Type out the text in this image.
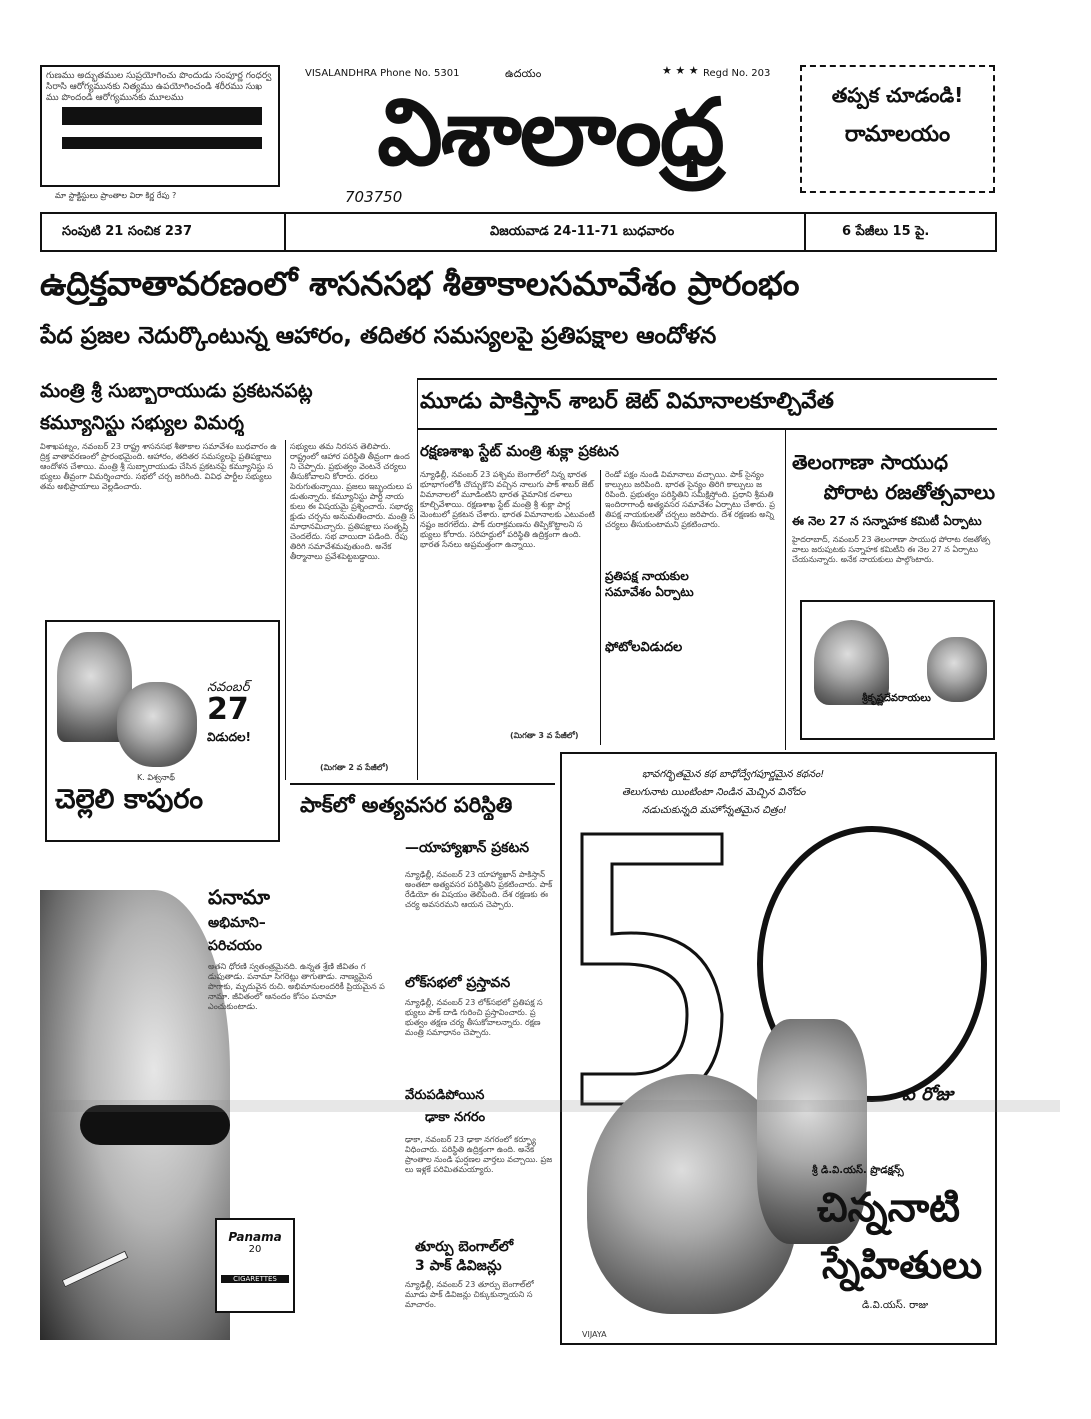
గుణము అద్భుతముల సుప్రయోగించు పొందుడు సంపూర్ణ గంధర్వ సిరాసి ఆరోగ్యమునకు నిత్యము ఉపయోగించండి శరీరము సుఖము పొందండి ఆరోగ్యమునకు మూలము
మా స్టాక్టిస్టులు ప్రాంతాల విరా కిర్ణ రేపు ?
VISALANDHRA Phone No. 5301	ఉదయం	★ ★ ★ Regd No. 203
విశాలాంధ్ర
703750
తప్పక చూడండి!
రామాలయం
సంపుటి 21 సంచిక 237	విజయవాడ 24-11-71 బుధవారం	6 పేజీలు 15 పై.
ఉద్రిక్తవాతావరణంలో శాసనసభ శీతాకాలసమావేశం ప్రారంభం
పేద ప్రజల నెదుర్కొంటున్న ఆహారం, తదితర సమస్యలపై ప్రతిపక్షాల ఆందోళన
మంత్రి శ్రీ సుబ్బారాయుడు ప్రకటనపట్ల
కమ్యూనిస్టు సభ్యుల విమర్శ
విశాఖపట్నం, నవంబర్ 23 రాష్ట్ర శాసనసభ శీతాకాల సమావేశం బుధవారం ఉద్రిక్త వాతావరణంలో ప్రారంభమైంది. ఆహారం, తదితర సమస్యలపై ప్రతిపక్షాలు ఆందోళన చేశాయి. మంత్రి శ్రీ సుబ్బారాయుడు చేసిన ప్రకటనపై కమ్యూనిస్టు సభ్యులు తీవ్రంగా విమర్శించారు. సభలో చర్చ జరిగింది. వివిధ పార్టీల సభ్యులు తమ అభిప్రాయాలు వెల్లడించారు.
సభ్యులు తమ నిరసన తెలిపారు. రాష్ట్రంలో ఆహార పరిస్థితి తీవ్రంగా ఉందని చెప్పారు. ప్రభుత్వం వెంటనే చర్యలు తీసుకోవాలని కోరారు. ధరలు పెరుగుతున్నాయి. ప్రజలు ఇబ్బందులు పడుతున్నారు. కమ్యూనిస్టు పార్టీ నాయకులు ఈ విషయమై ప్రశ్నించారు. సభాధ్యక్షుడు చర్చను అనుమతించారు. మంత్రి సమాధానమిచ్చారు. ప్రతిపక్షాలు సంతృప్తి చెందలేదు. సభ వాయిదా పడింది. రేపు తిరిగి సమావేశమవుతుంది. అనేక తీర్మానాలు ప్రవేశపెట్టబడ్డాయి.
(మిగతా 2 వ పేజీలో)
నవంబర్
27
విడుదల!
చెల్లెలి కాపురం
K. విశ్వనాథ్
మూడు పాకిస్తాన్ శాబర్ జెట్ విమానాలకూల్చివేత
రక్షణశాఖ స్టేట్ మంత్రి శుక్లా ప్రకటన
న్యూఢిల్లీ, నవంబర్ 23 పశ్చిమ బెంగాల్‌లో నిన్న భారత భూభాగంలోకి చొచ్చుకొని వచ్చిన నాలుగు పాక్ శాబర్ జెట్ విమానాలలో మూడింటిని భారత వైమానిక దళాలు కూల్చివేశాయి. రక్షణశాఖ స్టేట్ మంత్రి శ్రీ శుక్లా పార్లమెంటులో ప్రకటన చేశారు. భారత విమానాలకు ఎటువంటి నష్టం జరగలేదు. పాక్ దురాక్రమణను తిప్పికొట్టాలని సభ్యులు కోరారు. సరిహద్దులో పరిస్థితి ఉద్రిక్తంగా ఉంది. భారత సేనలు అప్రమత్తంగా ఉన్నాయి.
రెండో పక్షం నుండి విమానాలు వచ్చాయి. పాక్ సైన్యం కాల్పులు జరిపింది. భారత సైన్యం తిరిగి కాల్పులు జరిపింది. ప్రభుత్వం పరిస్థితిని సమీక్షిస్తోంది. ప్రధాని శ్రీమతి ఇందిరాగాంధీ అత్యవసర సమావేశం ఏర్పాటు చేశారు. ప్రతిపక్ష నాయకులతో చర్చలు జరిపారు. దేశ రక్షణకు అన్ని చర్యలు తీసుకుంటామని ప్రకటించారు.
(మిగతా 3 వ పేజీలో)
ప్రతిపక్ష నాయకుల
సమావేశం ఏర్పాటు
ఫోటోలవిడుదల
తెలంగాణా సాయుధ
పోరాట రజతోత్సవాలు
ఈ నెల 27 న సన్నాహక కమిటీ ఏర్పాటు
హైదరాబాద్, నవంబర్ 23 తెలంగాణా సాయుధ పోరాట రజతోత్సవాలు జరుపుటకు సన్నాహక కమిటీని ఈ నెల 27 న ఏర్పాటు చేయనున్నారు. అనేక నాయకులు పాల్గొంటారు.
శ్రీకృష్ణదేవరాయలు
పాక్‌లో అత్యవసర పరిస్థితి
—యాహ్యాఖాన్ ప్రకటన
న్యూఢిల్లీ, నవంబర్ 23 యాహ్యాఖాన్ పాకిస్తాన్ అంతటా అత్యవసర పరిస్థితిని ప్రకటించారు. పాక్ రేడియో ఈ విషయం తెలిపింది. దేశ రక్షణకు ఈ చర్య అవసరమని ఆయన చెప్పారు.
లోక్‌సభలో ప్రస్తావన
న్యూఢిల్లీ, నవంబర్ 23 లోక్‌సభలో ప్రతిపక్ష సభ్యులు పాక్ దాడి గురించి ప్రస్తావించారు. ప్రభుత్వం తక్షణ చర్య తీసుకోవాలన్నారు. రక్షణ మంత్రి సమాధానం చెప్పారు.
వేరుపడిపోయిన
ఢాకా నగరం
ఢాకా, నవంబర్ 23 ఢాకా నగరంలో కర్ఫ్యూ విధించారు. పరిస్థితి ఉద్రిక్తంగా ఉంది. అనేక ప్రాంతాల నుండి ఘర్షణల వార్తలు వచ్చాయి. ప్రజలు ఇళ్లకే పరిమితమయ్యారు.
తూర్పు బెంగాల్‌లో
3 పాక్ డివిజన్లు
న్యూఢిల్లీ, నవంబర్ 23 తూర్పు బెంగాల్‌లో మూడు పాక్ డివిజన్లు చిక్కుకున్నాయని సమాచారం.
పనామా
అభిమాని–
పరిచయం
అతని ధోరణి స్వతంత్రమైనది. ఉన్నత శ్రేణి జీవితం గడుపుతాడు. పనామా సిగరెట్లు తాగుతాడు. నాణ్యమైన పొగాకు, మృదువైన రుచి. అభిమానులందరికీ ప్రియమైన పనామా. జీవితంలో ఆనందం కోసం పనామా ఎంచుకుంటాడు.
Panama
20
CIGARETTES
భావగర్భితమైన కథ బాధోద్వేగపూర్ణమైన కథనం!
తెలుగునాట యింటింటా నిండిన మెచ్చిన వినోదం
నడుచుకున్నది మహోన్నతమైన చిత్రం!
వ రోజు
శ్రీ డి.వి.యస్. ప్రొడక్షన్స్
చిన్ననాటి
స్నేహితులు
డి.వి.యస్. రాజు
VIJAYA
